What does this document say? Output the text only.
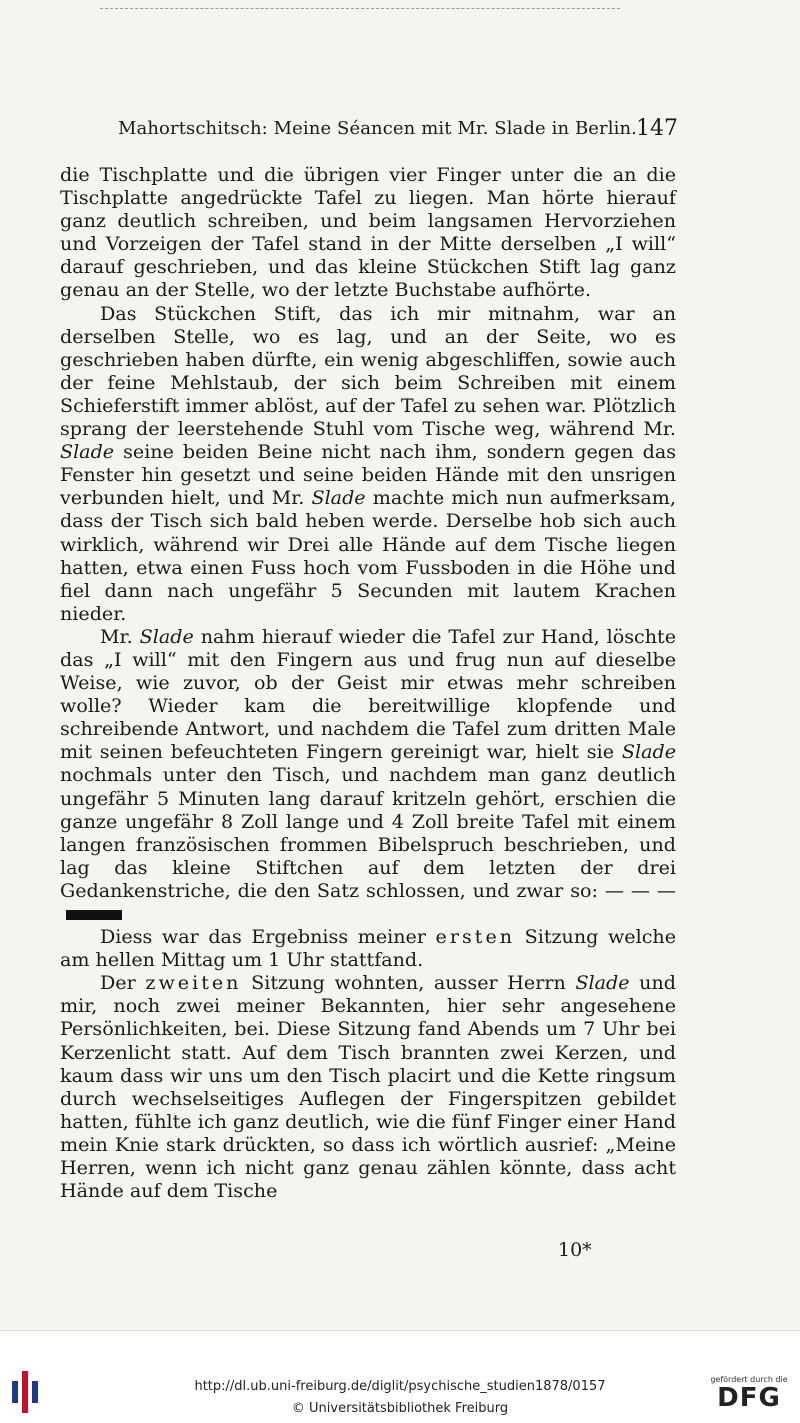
Mahortschitsch: Meine Séancen mit Mr. Slade in Berlin. 147

die Tischplatte und die übrigen vier Finger unter die an die Tischplatte angedrückte Tafel zu liegen. Man hörte hierauf ganz deutlich schreiben, und beim langsamen Hervorziehen und Vorzeigen der Tafel stand in der Mitte derselben „I will“ darauf geschrieben, und das kleine Stückchen Stift lag ganz genau an der Stelle, wo der letzte Buchstabe aufhörte.

Das Stückchen Stift, das ich mir mitnahm, war an derselben Stelle, wo es lag, und an der Seite, wo es geschrieben haben dürfte, ein wenig abgeschliffen, sowie auch der feine Mehlstaub, der sich beim Schreiben mit einem Schieferstift immer ablöst, auf der Tafel zu sehen war. Plötzlich sprang der leerstehende Stuhl vom Tische weg, während Mr. Slade seine beiden Beine nicht nach ihm, sondern gegen das Fenster hin gesetzt und seine beiden Hände mit den unsrigen verbunden hielt, und Mr. Slade machte mich nun aufmerksam, dass der Tisch sich bald heben werde. Derselbe hob sich auch wirklich, während wir Drei alle Hände auf dem Tische liegen hatten, etwa einen Fuss hoch vom Fussboden in die Höhe und fiel dann nach ungefähr 5 Secunden mit lautem Krachen nieder.

Mr. Slade nahm hierauf wieder die Tafel zur Hand, löschte das „I will“ mit den Fingern aus und frug nun auf dieselbe Weise, wie zuvor, ob der Geist mir etwas mehr schreiben wolle? Wieder kam die bereitwillige klopfende und schreibende Antwort, und nachdem die Tafel zum dritten Male mit seinen befeuchteten Fingern gereinigt war, hielt sie Slade nochmals unter den Tisch, und nachdem man ganz deutlich ungefähr 5 Minuten lang darauf kritzeln gehört, erschien die ganze ungefähr 8 Zoll lange und 4 Zoll breite Tafel mit einem langen französischen frommen Bibelspruch beschrieben, und lag das kleine Stiftchen auf dem letzten der drei Gedankenstriche, die den Satz schlossen, und zwar so: — — —

Diess war das Ergebniss meiner ersten Sitzung welche am hellen Mittag um 1 Uhr stattfand.

Der zweiten Sitzung wohnten, ausser Herrn Slade und mir, noch zwei meiner Bekannten, hier sehr angesehene Persönlichkeiten, bei. Diese Sitzung fand Abends um 7 Uhr bei Kerzenlicht statt. Auf dem Tisch brannten zwei Kerzen, und kaum dass wir uns um den Tisch placirt und die Kette ringsum durch wechselseitiges Auflegen der Fingerspitzen gebildet hatten, fühlte ich ganz deutlich, wie die fünf Finger einer Hand mein Knie stark drückten, so dass ich wörtlich ausrief: „Meine Herren, wenn ich nicht ganz genau zählen könnte, dass acht Hände auf dem Tische

10*
http://dl.ub.uni-freiburg.de/diglit/psychische_studien1878/0157
© Universitätsbibliothek Freiburg
gefördert durch die
DFG
